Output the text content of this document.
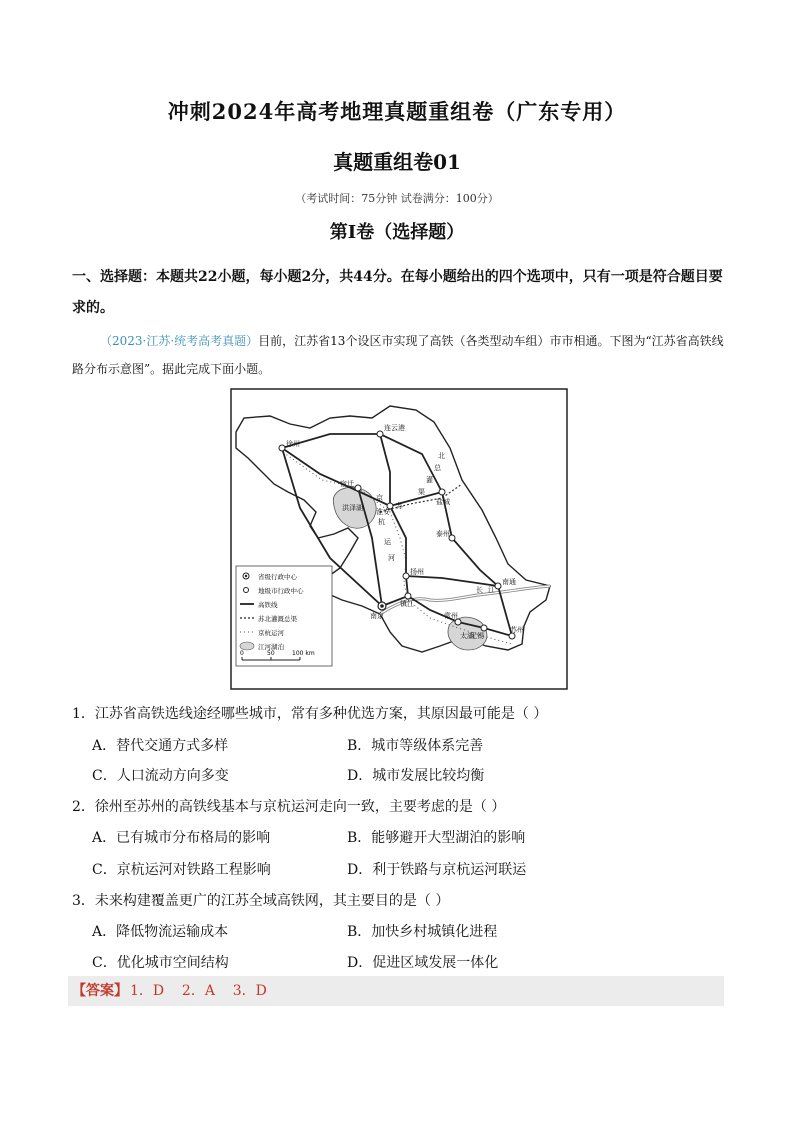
冲刺2024年高考地理真题重组卷（广东专用）
真题重组卷01
（考试时间：75分钟 试卷满分：100分）
第I卷（选择题）
一、选择题：本题共22小题，每小题2分，共44分。在每小题给出的四个选项中，只有一项是符合题目要求的。
（2023·江苏·统考高考真题）目前，江苏省13个设区市实现了高铁（各类型动车组）市市相通。下图为“江苏省高铁线路分布示意图”。据此完成下面小题。
连云港
徐州
宿迁
淮安
盐城
泰州
扬州
镇江
南京	常州
无锡
苏州
南通
洪泽湖
太湖
长 江
京
杭
运
河
苏
总
灌
北
渠
省级行政中心
地级市行政中心
高铁线
苏北灌溉总渠
京杭运河
江河湖泊
0	50	100 km
1．江苏省高铁选线途经哪些城市，常有多种优选方案，其原因最可能是（ ）
A．替代交通方式多样	B．城市等级体系完善
C．人口流动方向多变	D．城市发展比较均衡
2．徐州至苏州的高铁线基本与京杭运河走向一致，主要考虑的是（ ）
A．已有城市分布格局的影响	B．能够避开大型湖泊的影响
C．京杭运河对铁路工程影响	D．利于铁路与京杭运河联运
3．未来构建覆盖更广的江苏全域高铁网，其主要目的是（ ）
A．降低物流运输成本	B．加快乡村城镇化进程
C．优化城市空间结构	D．促进区域发展一体化
【答案】 1．D    2．A    3．D
